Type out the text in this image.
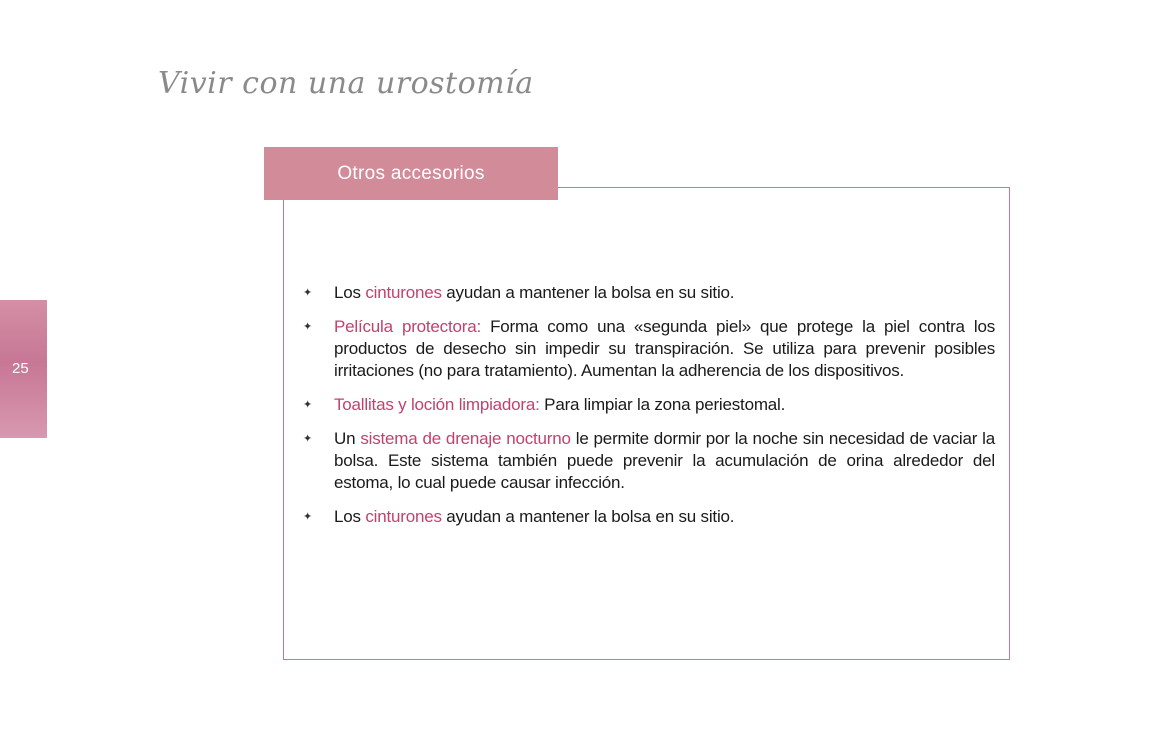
Vivir con una urostomía
25
Otros accesorios
✦ Los cinturones ayudan a mantener la bolsa en su sitio.
✦ Película protectora: Forma como una «segunda piel» que protege la piel contra los productos de desecho sin impedir su transpiración. Se utiliza para prevenir posibles irritaciones (no para tratamiento). Aumentan la adherencia de los dispositivos.
✦ Toallitas y loción limpiadora: Para limpiar la zona periestomal.
✦ Un sistema de drenaje nocturno le permite dormir por la noche sin necesidad de vaciar la bolsa. Este sistema también puede prevenir la acumulación de orina alrededor del estoma, lo cual puede causar infección.
✦ Los cinturones ayudan a mantener la bolsa en su sitio.
